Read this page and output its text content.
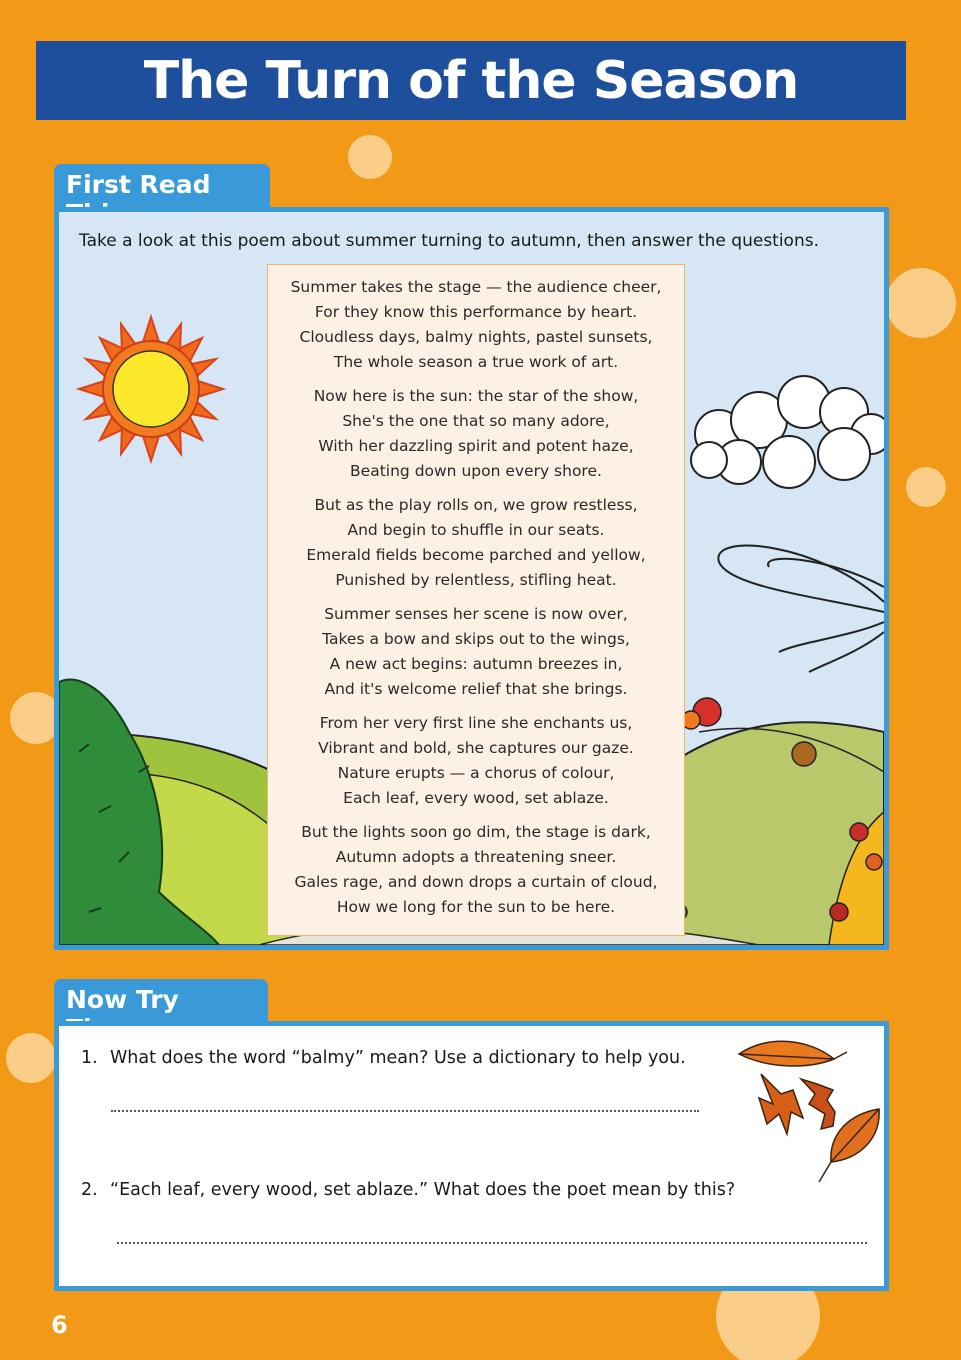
The Turn of the Season
First Read
Take a look at this poem about summer turning to autumn, then answer the questions.
Summer takes the stage — the audience cheer,
For they know this performance by heart.
Cloudless days, balmy nights, pastel sunsets,
The whole season a true work of art.
Now here is the sun: the star of the show,
She's the one that so many adore,
With her dazzling spirit and potent haze,
Beating down upon every shore.
But as the play rolls on, we grow restless,
And begin to shuffle in our seats.
Emerald fields become parched and yellow,
Punished by relentless, stifling heat.
Summer senses her scene is now over,
Takes a bow and skips out to the wings,
A new act begins: autumn breezes in,
And it's welcome relief that she brings.
From her very first line she enchants us,
Vibrant and bold, she captures our gaze.
Nature erupts — a chorus of colour,
Each leaf, every wood, set ablaze.
But the lights soon go dim, the stage is dark,
Autumn adopts a threatening sneer.
Gales rage, and down drops a curtain of cloud,
How we long for the sun to be here.
Now Try
1. What does the word “balmy” mean? Use a dictionary to help you.
2. “Each leaf, every wood, set ablaze.” What does the poet mean by this?
6
